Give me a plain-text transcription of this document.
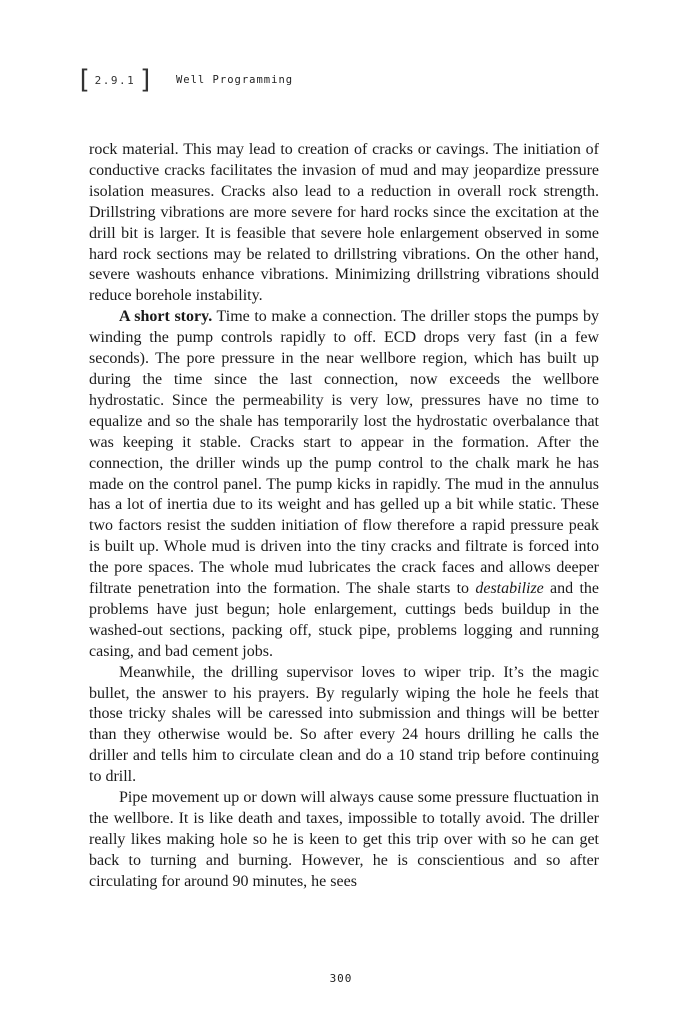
[ 2.9.1 ] Well Programming

rock material. This may lead to creation of cracks or cavings. The initiation of conductive cracks facilitates the invasion of mud and may jeopardize pressure isolation measures. Cracks also lead to a reduction in overall rock strength. Drillstring vibrations are more severe for hard rocks since the excitation at the drill bit is larger. It is feasible that severe hole enlargement observed in some hard rock sections may be related to drillstring vibrations. On the other hand, severe washouts enhance vibrations. Minimizing drillstring vibrations should reduce borehole instability.

A short story. Time to make a connection. The driller stops the pumps by winding the pump controls rapidly to off. ECD drops very fast (in a few seconds). The pore pressure in the near wellbore region, which has built up during the time since the last connection, now exceeds the wellbore hydrostatic. Since the permeability is very low, pressures have no time to equalize and so the shale has temporarily lost the hydrostatic overbalance that was keeping it stable. Cracks start to appear in the formation. After the connection, the driller winds up the pump control to the chalk mark he has made on the control panel. The pump kicks in rapidly. The mud in the annulus has a lot of inertia due to its weight and has gelled up a bit while static. These two factors resist the sudden initiation of flow therefore a rapid pressure peak is built up. Whole mud is driven into the tiny cracks and filtrate is forced into the pore spaces. The whole mud lubricates the crack faces and allows deeper filtrate penetration into the formation. The shale starts to destabilize and the problems have just begun; hole enlargement, cuttings beds buildup in the washed-out sections, packing off, stuck pipe, problems logging and running casing, and bad cement jobs.

Meanwhile, the drilling supervisor loves to wiper trip. It’s the magic bullet, the answer to his prayers. By regularly wiping the hole he feels that those tricky shales will be caressed into submission and things will be better than they otherwise would be. So after every 24 hours drilling he calls the driller and tells him to circulate clean and do a 10 stand trip before continuing to drill.

Pipe movement up or down will always cause some pressure fluctuation in the wellbore. It is like death and taxes, impossible to totally avoid. The driller really likes making hole so he is keen to get this trip over with so he can get back to turning and burning. However, he is conscientious and so after circulating for around 90 minutes, he sees

300
